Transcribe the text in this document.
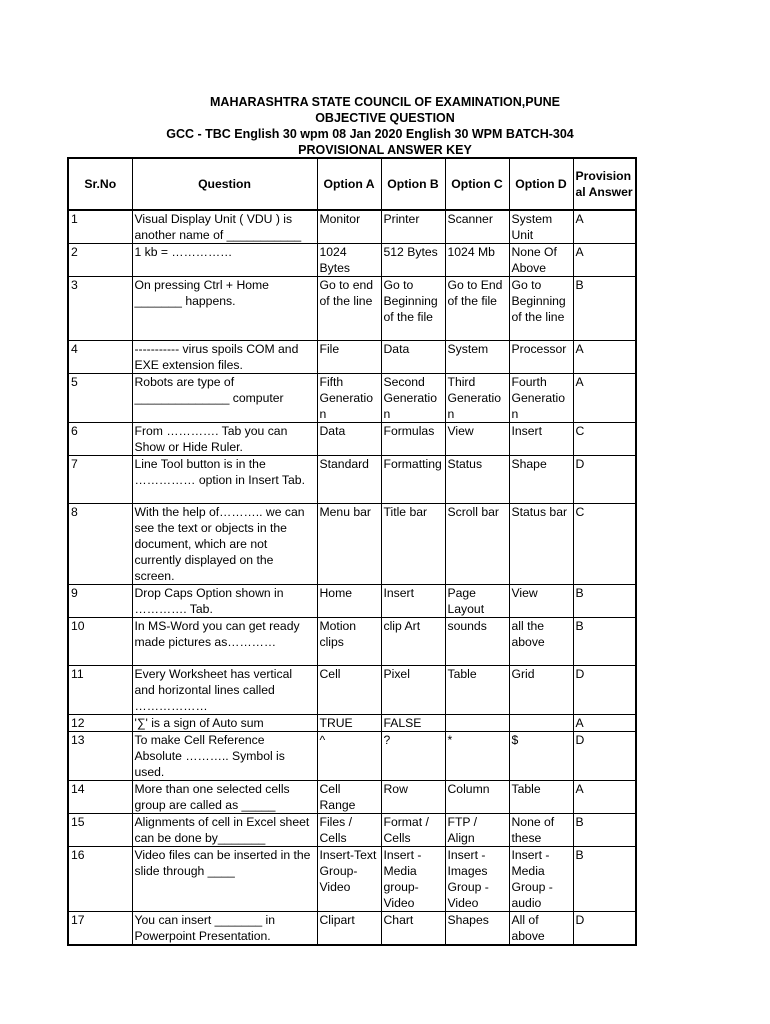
MAHARASHTRA STATE COUNCIL OF EXAMINATION,PUNE
OBJECTIVE QUESTION
GCC - TBC English 30 wpm 08 Jan 2020 English 30 WPM BATCH-304
PROVISIONAL ANSWER KEY
Sr.No	Question	Option A	Option B	Option C	Option D	Provisional Answer
1	Visual Display Unit ( VDU ) is another name of ___________	Monitor	Printer	Scanner	System Unit	A
2	1 kb = ……………	1024 Bytes	512 Bytes	1024 Mb	None Of Above	A
3	On pressing Ctrl + Home _______ happens.	Go to end of the line	Go to Beginning of the file	Go to End of the file	Go to Beginning of the line	B
4	----------- virus spoils COM and EXE extension files.	File	Data	System	Processor	A
5	Robots are type of ______________ computer	Fifth Generation	Second Generation	Third Generation	Fourth Generation	A
6	From …………. Tab you can Show or Hide Ruler.	Data	Formulas	View	Insert	C
7	Line Tool button is in the …………… option in Insert Tab.	Standard	Formatting	Status	Shape	D
8	With the help of……….. we can see the text or objects in the document, which are not currently displayed on the screen.	Menu bar	Title bar	Scroll bar	Status bar	C
9	Drop Caps Option shown in …………. Tab.	Home	Insert	Page Layout	View	B
10	In MS-Word you can get ready made pictures as…………	Motion clips	clip Art	sounds	all the above	B
11	Every Worksheet has vertical and horizontal lines called ………………	Cell	Pixel	Table	Grid	D
12	'∑' is a sign of Auto sum	TRUE	FALSE			A
13	To make Cell Reference Absolute ……….. Symbol is used.	^	?	*	$	D
14	More than one selected cells group are called as _____	Cell Range	Row	Column	Table	A
15	Alignments of cell in Excel sheet can be done by_______	Files / Cells	Format / Cells	FTP / Align	None of these	B
16	Video files can be inserted in the slide through ____	Insert-Text Group-Video	Insert - Media group-Video	Insert - Images Group - Video	Insert - Media Group - audio	B
17	You can insert _______ in Powerpoint Presentation.	Clipart	Chart	Shapes	All of above	D
